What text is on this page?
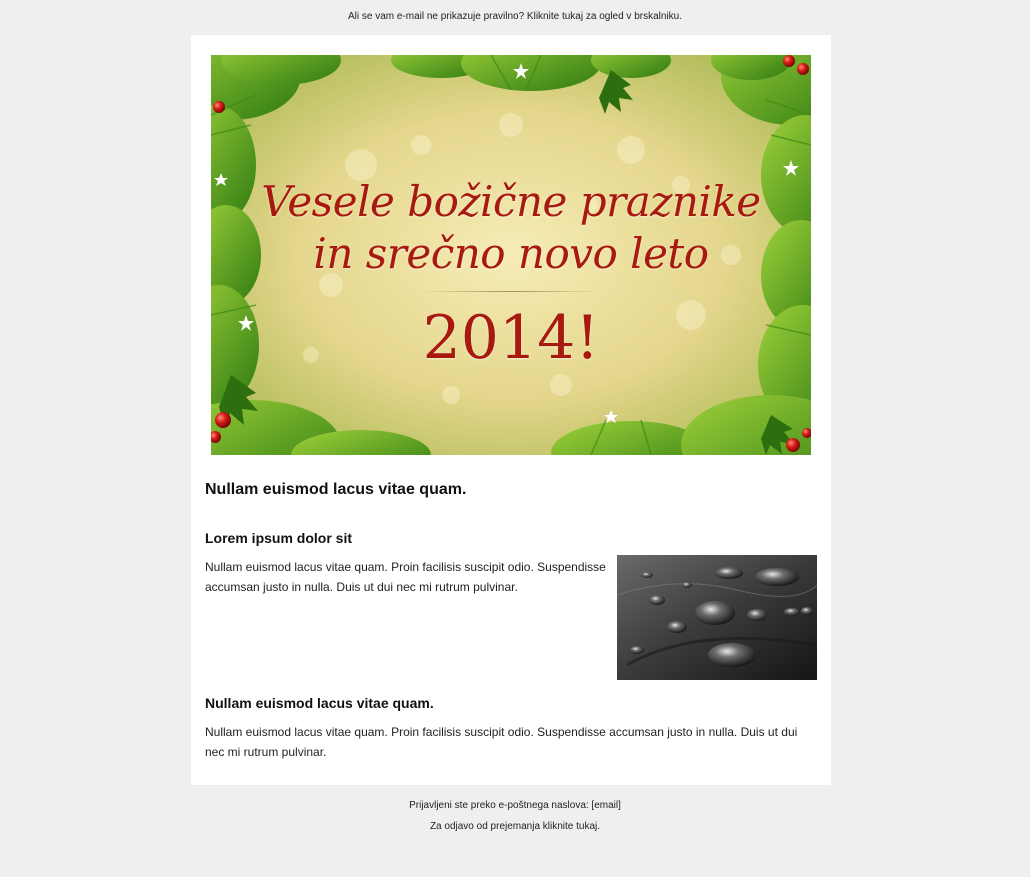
Ali se vam e-mail ne prikazuje pravilno? Kliknite tukaj za ogled v brskalniku.
Vesele božične praznike
in srečno novo leto
2014!
Nullam euismod lacus vitae quam.
Lorem ipsum dolor sit

Nullam euismod lacus vitae quam. Proin facilisis suscipit odio. Suspendisse accumsan justo in nulla. Duis ut dui nec mi rutrum pulvinar.

Nullam euismod lacus vitae quam.

Nullam euismod lacus vitae quam. Proin facilisis suscipit odio. Suspendisse accumsan justo in nulla. Duis ut dui nec mi rutrum pulvinar.

Prijavljeni ste preko e-poštnega naslova: [email]
Za odjavo od prejemanja kliknite tukaj.
